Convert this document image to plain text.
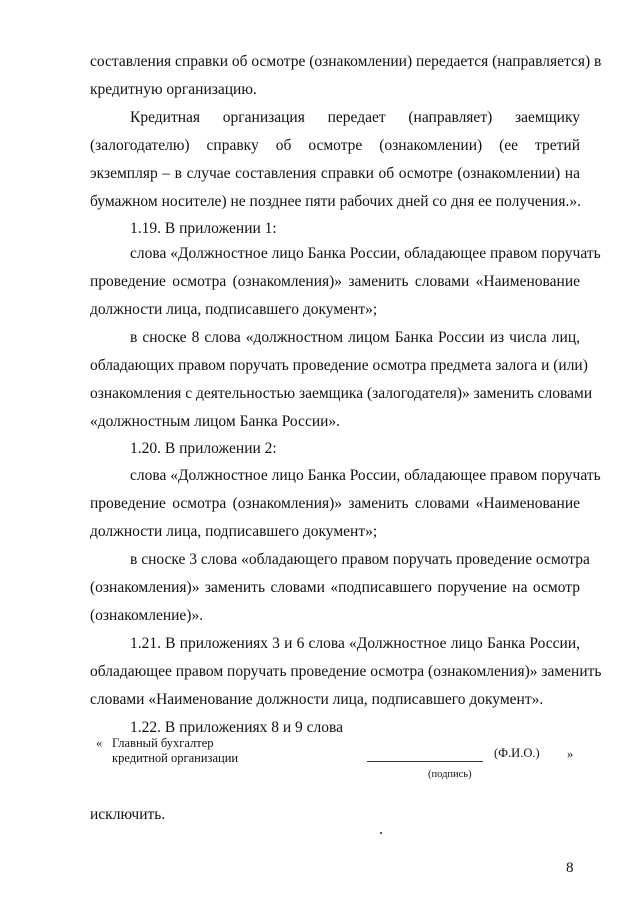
составления справки об осмотре (ознакомлении) передается (направляется) в
кредитную организацию.
Кредитная организация передает (направляет) заемщику
(залогодателю) справку об осмотре (ознакомлении) (ее третий
экземпляр – в случае составления справки об осмотре (ознакомлении) на
бумажном носителе) не позднее пяти рабочих дней со дня ее получения.».
1.19. В приложении 1:
слова «Должностное лицо Банка России, обладающее правом поручать
проведение осмотра (ознакомления)» заменить словами «Наименование
должности лица, подписавшего документ»;
в сноске 8 слова «должностном лицом Банка России из числа лиц,
обладающих правом поручать проведение осмотра предмета залога и (или)
ознакомления с деятельностью заемщика (залогодателя)» заменить словами
«должностным лицом Банка России».
1.20. В приложении 2:
слова «Должностное лицо Банка России, обладающее правом поручать
проведение осмотра (ознакомления)» заменить словами «Наименование
должности лица, подписавшего документ»;
в сноске 3 слова «обладающего правом поручать проведение осмотра
(ознакомления)» заменить словами «подписавшего поручение на осмотр
(ознакомление)».
1.21. В приложениях 3 и 6 слова «Должностное лицо Банка России,
обладающее правом поручать проведение осмотра (ознакомления)» заменить
словами «Наименование должности лица, подписавшего документ».
1.22. В приложениях 8 и 9 слова
« Главный бухгалтер
кредитной организации	(Ф.И.О.) »
(подпись)
исключить.
8
